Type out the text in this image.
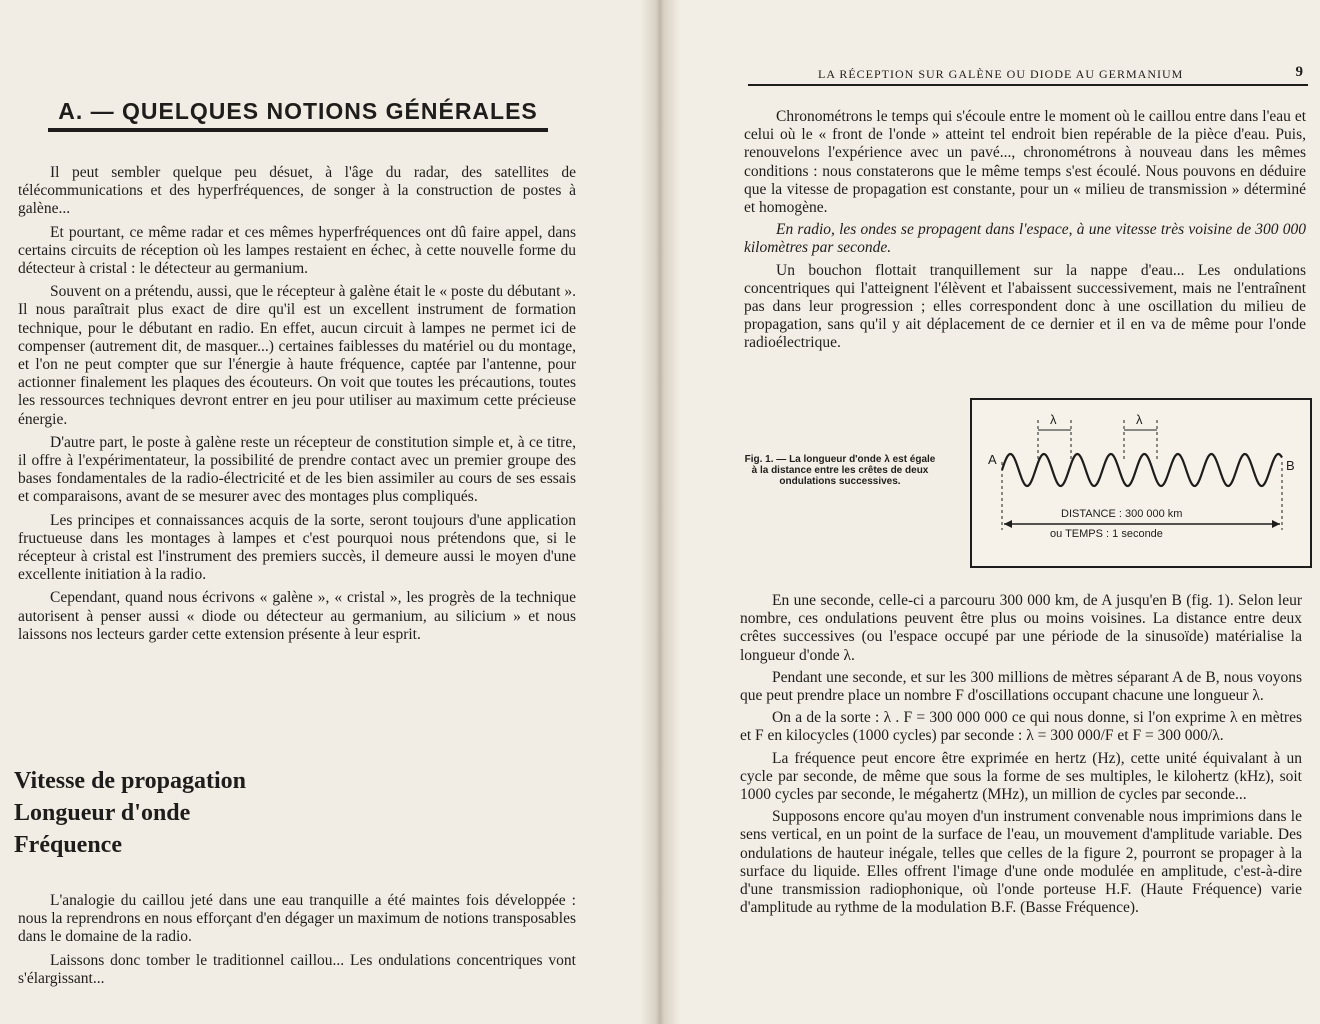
A. — QUELQUES NOTIONS GÉNÉRALES

Il peut sembler quelque peu désuet, à l'âge du radar, des satellites de télécommunications et des hyperfréquences, de songer à la construction de postes à galène...

Et pourtant, ce même radar et ces mêmes hyperfréquences ont dû faire appel, dans certains circuits de réception où les lampes restaient en échec, à cette nouvelle forme du détecteur à cristal : le détecteur au germanium.

Souvent on a prétendu, aussi, que le récepteur à galène était le « poste du débutant ». Il nous paraîtrait plus exact de dire qu'il est un excellent instrument de formation technique, pour le débutant en radio. En effet, aucun circuit à lampes ne permet ici de compenser (autrement dit, de masquer...) certaines faiblesses du matériel ou du montage, et l'on ne peut compter que sur l'énergie à haute fréquence, captée par l'antenne, pour actionner finalement les plaques des écouteurs. On voit que toutes les précautions, toutes les ressources techniques devront entrer en jeu pour utiliser au maximum cette précieuse énergie.

D'autre part, le poste à galène reste un récepteur de constitution simple et, à ce titre, il offre à l'expérimentateur, la possibilité de prendre contact avec un premier groupe des bases fondamentales de la radio-électricité et de les bien assimiler au cours de ses essais et comparaisons, avant de se mesurer avec des montages plus compliqués.

Les principes et connaissances acquis de la sorte, seront toujours d'une application fructueuse dans les montages à lampes et c'est pourquoi nous prétendons que, si le récepteur à cristal est l'instrument des premiers succès, il demeure aussi le moyen d'une excellente initiation à la radio.

Cependant, quand nous écrivons « galène », « cristal », les progrès de la technique autorisent à penser aussi « diode ou détecteur au germanium, au silicium » et nous laissons nos lecteurs garder cette extension présente à leur esprit.

Vitesse de propagation
Longueur d'onde
Fréquence

L'analogie du caillou jeté dans une eau tranquille a été maintes fois développée : nous la reprendrons en nous efforçant d'en dégager un maximum de notions transposables dans le domaine de la radio.

Laissons donc tomber le traditionnel caillou... Les ondulations concentriques vont s'élargissant...

LA RÉCEPTION SUR GALÈNE OU DIODE AU GERMANIUM	9

Chronométrons le temps qui s'écoule entre le moment où le caillou entre dans l'eau et celui où le « front de l'onde » atteint tel endroit bien repérable de la pièce d'eau. Puis, renouvelons l'expérience avec un pavé..., chronométrons à nouveau dans les mêmes conditions : nous constaterons que le même temps s'est écoulé. Nous pouvons en déduire que la vitesse de propagation est constante, pour un « milieu de transmission » déterminé et homogène.

En radio, les ondes se propagent dans l'espace, à une vitesse très voisine de 300 000 kilomètres par seconde.

Un bouchon flottait tranquillement sur la nappe d'eau... Les ondulations concentriques qui l'atteignent l'élèvent et l'abaissent successivement, mais ne l'entraînent pas dans leur progression ; elles correspondent donc à une oscillation du milieu de propagation, sans qu'il y ait déplacement de ce dernier et il en va de même pour l'onde radioélectrique.

Fig. 1. — La longueur d'onde λ est égale à la distance entre les crêtes de deux ondulations successives.

A	B
λ	λ
DISTANCE : 300 000 km
ou TEMPS : 1 seconde

En une seconde, celle-ci a parcouru 300 000 km, de A jusqu'en B (fig. 1). Selon leur nombre, ces ondulations peuvent être plus ou moins voisines. La distance entre deux crêtes successives (ou l'espace occupé par une période de la sinusoïde) matérialise la longueur d'onde λ.

Pendant une seconde, et sur les 300 millions de mètres séparant A de B, nous voyons que peut prendre place un nombre F d'oscillations occupant chacune une longueur λ.

On a de la sorte : λ . F = 300 000 000 ce qui nous donne, si l'on exprime λ en mètres et F en kilocycles (1000 cycles) par seconde : λ = 300 000/F et F = 300 000/λ.

La fréquence peut encore être exprimée en hertz (Hz), cette unité équivalant à un cycle par seconde, de même que sous la forme de ses multiples, le kilohertz (kHz), soit 1000 cycles par seconde, le mégahertz (MHz), un million de cycles par seconde...

Supposons encore qu'au moyen d'un instrument convenable nous imprimions dans le sens vertical, en un point de la surface de l'eau, un mouvement d'amplitude variable. Des ondulations de hauteur inégale, telles que celles de la figure 2, pourront se propager à la surface du liquide. Elles offrent l'image d'une onde modulée en amplitude, c'est-à-dire d'une transmission radiophonique, où l'onde porteuse H.F. (Haute Fréquence) varie d'amplitude au rythme de la modulation B.F. (Basse Fréquence).
